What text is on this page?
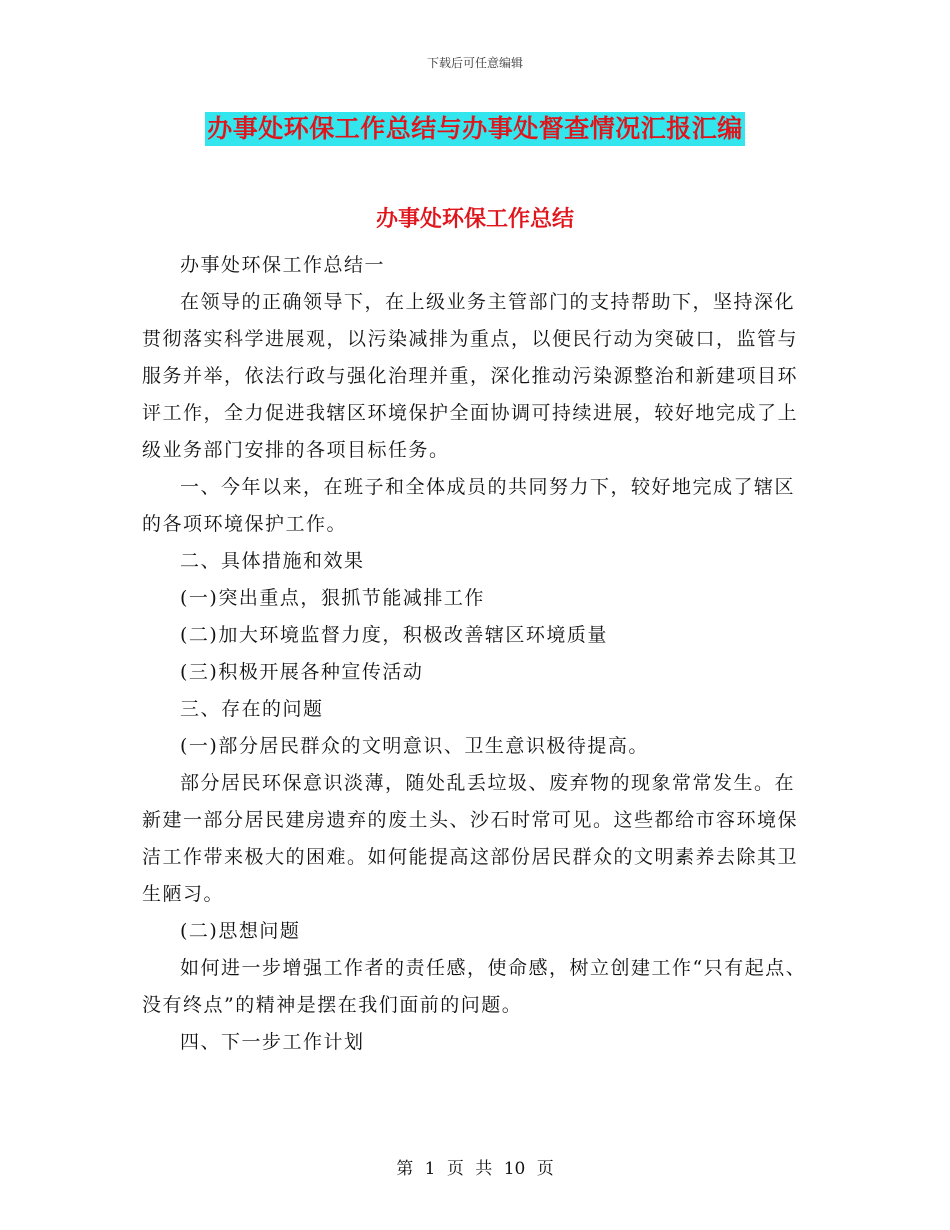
下载后可任意编辑
办事处环保工作总结与办事处督查情况汇报汇编
办事处环保工作总结

办事处环保工作总结一

在领导的正确领导下，在上级业务主管部门的支持帮助下，坚持深化贯彻落实科学进展观，以污染减排为重点，以便民行动为突破口，监管与服务并举，依法行政与强化治理并重，深化推动污染源整治和新建项目环评工作，全力促进我辖区环境保护全面协调可持续进展，较好地完成了上级业务部门安排的各项目标任务。

一、今年以来，在班子和全体成员的共同努力下，较好地完成了辖区的各项环境保护工作。

二、具体措施和效果

(一)突出重点，狠抓节能减排工作

(二)加大环境监督力度，积极改善辖区环境质量

(三)积极开展各种宣传活动

三、存在的问题

(一)部分居民群众的文明意识、卫生意识极待提高。

部分居民环保意识淡薄，随处乱丢垃圾、废弃物的现象常常发生。在新建一部分居民建房遗弃的废土头、沙石时常可见。这些都给市容环境保洁工作带来极大的困难。如何能提高这部份居民群众的文明素养去除其卫生陋习。

(二)思想问题

如何进一步增强工作者的责任感，使命感，树立创建工作“只有起点、没有终点”的精神是摆在我们面前的问题。

四、下一步工作计划

第 1 页 共 10 页
